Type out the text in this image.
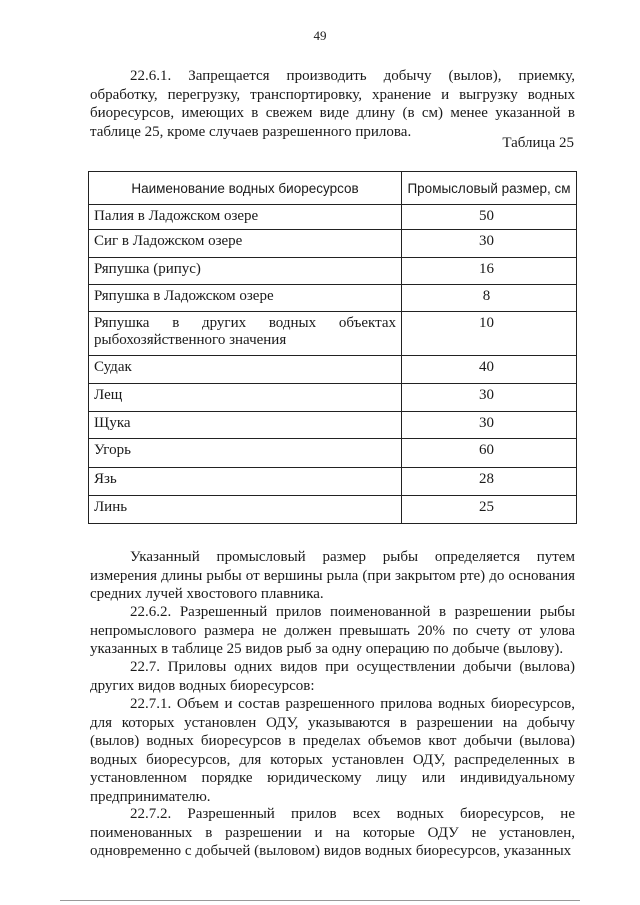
49

22.6.1. Запрещается производить добычу (вылов), приемку, обработку, перегрузку, транспортировку, хранение и выгрузку водных биоресурсов, имеющих в свежем виде длину (в см) менее указанной в таблице 25, кроме случаев разрешенного прилова.

Таблица 25
Наименование водных биоресурсов	Промысловый размер, см
Палия в Ладожском озере	50
Сиг в Ладожском озере	30
Ряпушка (рипус)	16
Ряпушка в Ладожском озере	8
Ряпушка в других водных объектах рыбохозяйственного значения	10
Судак	40
Лещ	30
Щука	30
Угорь	60
Язь	28
Линь	25

Указанный промысловый размер рыбы определяется путем измерения длины рыбы от вершины рыла (при закрытом рте) до основания средних лучей хвостового плавника.

22.6.2. Разрешенный прилов поименованной в разрешении рыбы непромыслового размера не должен превышать 20% по счету от улова указанных в таблице 25 видов рыб за одну операцию по добыче (вылову).

22.7. Приловы одних видов при осуществлении добычи (вылова) других видов водных биоресурсов:

22.7.1. Объем и состав разрешенного прилова водных биоресурсов, для которых установлен ОДУ, указываются в разрешении на добычу (вылов) водных биоресурсов в пределах объемов квот добычи (вылова) водных биоресурсов, для которых установлен ОДУ, распределенных в установленном порядке юридическому лицу или индивидуальному предпринимателю.

22.7.2. Разрешенный прилов всех водных биоресурсов, не поименованных в разрешении и на которые ОДУ не установлен, одновременно с добычей (выловом) видов водных биоресурсов, указанных
